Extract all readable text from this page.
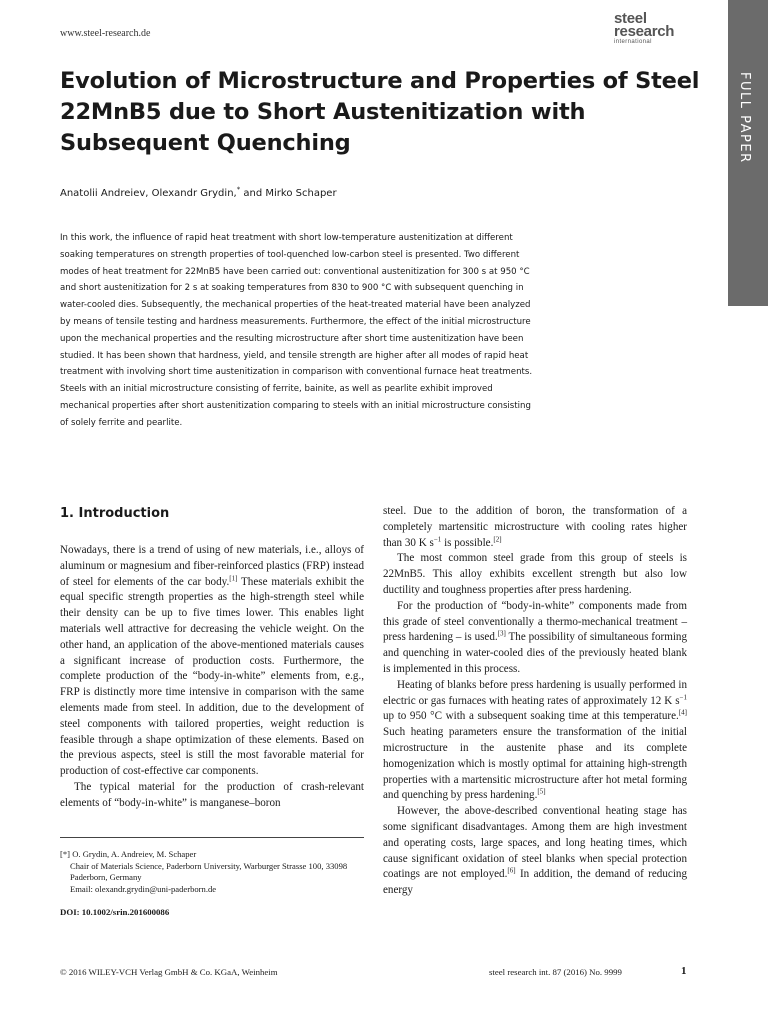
www.steel-research.de
steel
research
international
FULL PAPER
Evolution of Microstructure and Properties of Steel 22MnB5 due to Short Austenitization with Subsequent Quenching
Anatolii Andreiev, Olexandr Grydin,* and Mirko Schaper

In this work, the influence of rapid heat treatment with short low-temperature austenitization at different soaking temperatures on strength properties of tool-quenched low-carbon steel is presented. Two different modes of heat treatment for 22MnB5 have been carried out: conventional austenitization for 300 s at 950 °C and short austenitization for 2 s at soaking temperatures from 830 to 900 °C with subsequent quenching in water-cooled dies. Subsequently, the mechanical properties of the heat-treated material have been analyzed by means of tensile testing and hardness measurements. Furthermore, the effect of the initial microstructure upon the mechanical properties and the resulting microstructure after short time austenitization have been studied. It has been shown that hardness, yield, and tensile strength are higher after all modes of rapid heat treatment with involving short time austenitization in comparison with conventional furnace heat treatments. Steels with an initial microstructure consisting of ferrite, bainite, as well as pearlite exhibit improved mechanical properties after short austenitization comparing to steels with an initial microstructure consisting of solely ferrite and pearlite.

1. Introduction

Nowadays, there is a trend of using of new materials, i.e., alloys of aluminum or magnesium and fiber-reinforced plastics (FRP) instead of steel for elements of the car body.[1] These materials exhibit the equal specific strength properties as the high-strength steel while their density can be up to five times lower. This enables light materials well attractive for decreasing the vehicle weight. On the other hand, an application of the above-mentioned materials causes a significant increase of production costs. Furthermore, the complete production of the “body-in-white” elements from, e.g., FRP is distinctly more time intensive in comparison with the same elements made from steel. In addition, due to the development of steel components with tailored properties, weight reduction is feasible through a shape optimization of these elements. Based on the previous aspects, steel is still the most favorable material for production of cost-effective car components.

The typical material for the production of crash-relevant elements of “body-in-white” is manganese–boron

steel. Due to the addition of boron, the transformation of a completely martensitic microstructure with cooling rates higher than 30 K $s^{-1}$ is possible.[2]

The most common steel grade from this group of steels is 22MnB5. This alloy exhibits excellent strength but also low ductility and toughness properties after press hardening.

For the production of “body-in-white” components made from this grade of steel conventionally a thermo-mechanical treatment – press hardening – is used.[3] The possibility of simultaneous forming and quenching in water-cooled dies of the previously heated blank is implemented in this process.

Heating of blanks before press hardening is usually performed in electric or gas furnaces with heating rates of approximately 12 K $s^{-1}$ up to 950 °C with a subsequent soaking time at this temperature.[4] Such heating parameters ensure the transformation of the initial microstructure in the austenite phase and its complete homogenization which is mostly optimal for attaining high-strength properties with a martensitic microstructure after hot metal forming and quenching by press hardening.[5]

However, the above-described conventional heating stage has some significant disadvantages. Among them are high investment and operating costs, large spaces, and long heating times, which cause significant oxidation of steel blanks when special protection coatings are not employed.[6] In addition, the demand of reducing energy

[*] O. Grydin, A. Andreiev, M. Schaper
Chair of Materials Science, Paderborn University, Warburger Strasse 100, 33098 Paderborn, Germany
Email: olexandr.grydin@uni-paderborn.de
DOI: 10.1002/srin.201600086
© 2016 WILEY-VCH Verlag GmbH & Co. KGaA, Weinheim	steel research int. 87 (2016) No. 9999	1
